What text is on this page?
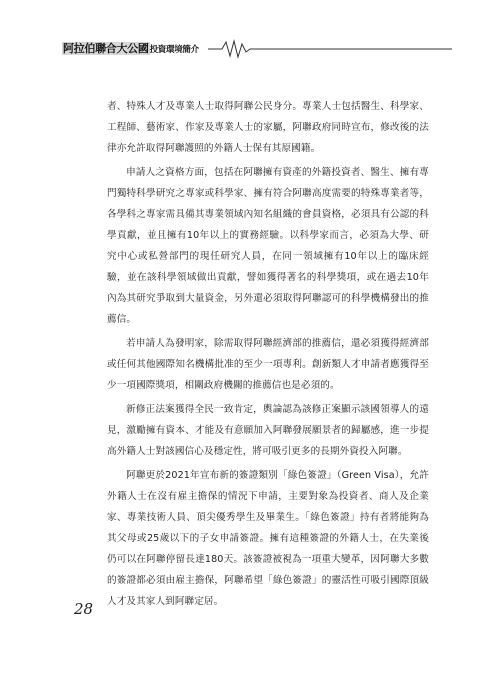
阿拉伯聯合大公國投資環境簡介

者、特殊人才及專業人士取得阿聯公民身分。專業人士包括醫生、科學家、工程師、藝術家、作家及專業人士的家屬，阿聯政府同時宣布，修改後的法律亦允許取得阿聯護照的外籍人士保有其原國籍。

申請人之資格方面，包括在阿聯擁有資產的外籍投資者、醫生、擁有專門獨特科學研究之專家或科學家、擁有符合阿聯高度需要的特殊專業者等，各學科之專家需具備其專業領域內知名組織的會員資格，必須具有公認的科學貢獻，並且擁有10年以上的實務經驗。以科學家而言，必須為大學、研究中心或私營部門的現任研究人員，在同一領域擁有10年以上的臨床經驗，並在該科學領域做出貢獻，譬如獲得著名的科學獎項，或在過去10年內為其研究爭取到大量資金，另外還必須取得阿聯認可的科學機構發出的推薦信。

若申請人為發明家，除需取得阿聯經濟部的推薦信，還必須獲得經濟部或任何其他國際知名機構批准的至少一項專利。創新類人才申請者應獲得至少一項國際獎項，相關政府機關的推薦信也是必須的。

新修正法案獲得全民一致肯定，輿論認為該修正案顯示該國領導人的遠見，激勵擁有資本、才能及有意願加入阿聯發展願景者的歸屬感，進一步提高外籍人士對該國信心及穩定性，將可吸引更多的長期外資投入阿聯。

阿聯更於2021年宣布新的簽證類別「綠色簽證」（Green Visa），允許外籍人士在沒有雇主擔保的情況下申請，主要對象為投資者、商人及企業家、專業技術人員、頂尖優秀學生及畢業生。「綠色簽證」持有者將能夠為其父母或25歲以下的子女申請簽證。擁有這種簽證的外籍人士，在失業後仍可以在阿聯停留長達180天。該簽證被視為一項重大變革，因阿聯大多數的簽證都必須由雇主擔保，阿聯希望「綠色簽證」的靈活性可吸引國際頂級人才及其家人到阿聯定居。

28
